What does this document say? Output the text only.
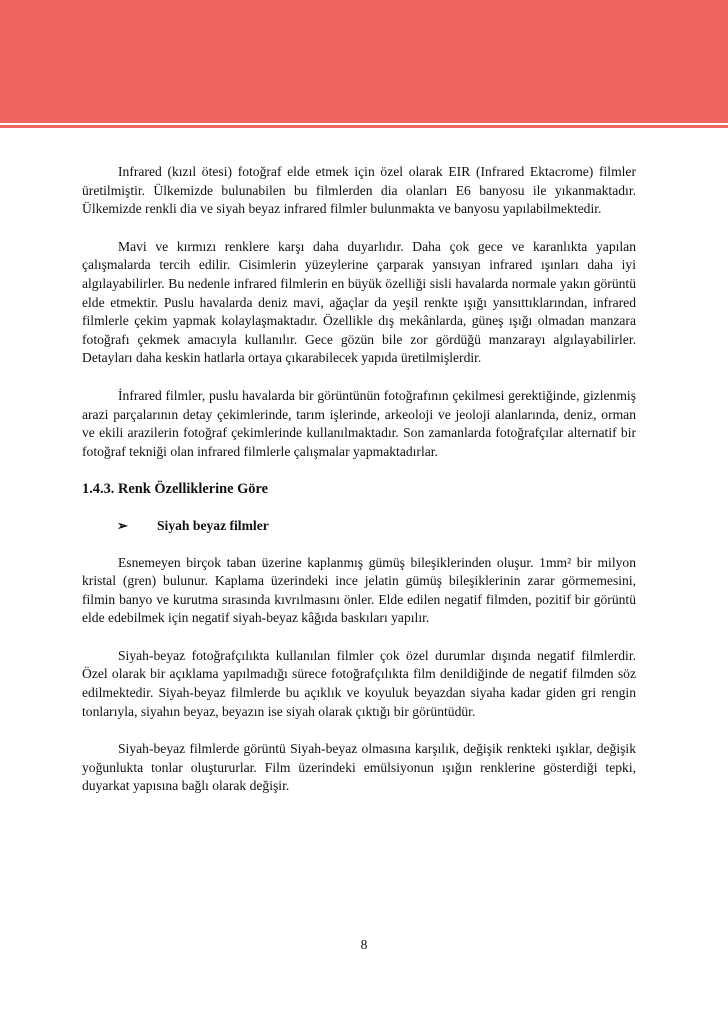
Infrared (kızıl ötesi) fotoğraf elde etmek için özel olarak EIR (Infrared Ektacrome) filmler üretilmiştir. Ülkemizde bulunabilen bu filmlerden dia olanları E6 banyosu ile yıkanmaktadır. Ülkemizde renkli dia ve siyah beyaz infrared filmler bulunmakta ve banyosu yapılabilmektedir.

Mavi ve kırmızı renklere karşı daha duyarlıdır. Daha çok gece ve karanlıkta yapılan çalışmalarda tercih edilir. Cisimlerin yüzeylerine çarparak yansıyan infrared ışınları daha iyi algılayabilirler. Bu nedenle infrared filmlerin en büyük özelliği sisli havalarda normale yakın görüntü elde etmektir. Puslu havalarda deniz mavi, ağaçlar da yeşil renkte ışığı yansıttıklarından, infrared filmlerle çekim yapmak kolaylaşmaktadır. Özellikle dış mekânlarda, güneş ışığı olmadan manzara fotoğrafı çekmek amacıyla kullanılır. Gece gözün bile zor gördüğü manzarayı algılayabilirler. Detayları daha keskin hatlarla ortaya çıkarabilecek yapıda üretilmişlerdir.

İnfrared filmler, puslu havalarda bir görüntünün fotoğrafının çekilmesi gerektiğinde, gizlenmiş arazi parçalarının detay çekimlerinde, tarım işlerinde, arkeoloji ve jeoloji alanlarında, deniz, orman ve ekili arazilerin fotoğraf çekimlerinde kullanılmaktadır. Son zamanlarda fotoğrafçılar alternatif bir fotoğraf tekniği olan infrared filmlerle çalışmalar yapmaktadırlar.

1.4.3. Renk Özelliklerine Göre
➢	Siyah beyaz filmler

Esnemeyen birçok taban üzerine kaplanmış gümüş bileşiklerinden oluşur. 1mm² bir milyon kristal (gren) bulunur. Kaplama üzerindeki ince jelatin gümüş bileşiklerinin zarar görmemesini, filmin banyo ve kurutma sırasında kıvrılmasını önler. Elde edilen negatif filmden, pozitif bir görüntü elde edebilmek için negatif siyah-beyaz kâğıda baskıları yapılır.

Siyah-beyaz fotoğrafçılıkta kullanılan filmler çok özel durumlar dışında negatif filmlerdir. Özel olarak bir açıklama yapılmadığı sürece fotoğrafçılıkta film denildiğinde de negatif filmden söz edilmektedir. Siyah-beyaz filmlerde bu açıklık ve koyuluk beyazdan siyaha kadar giden gri rengin tonlarıyla, siyahın beyaz, beyazın ise siyah olarak çıktığı bir görüntüdür.

Siyah-beyaz filmlerde görüntü Siyah-beyaz olmasına karşılık, değişik renkteki ışıklar, değişik yoğunlukta tonlar oluştururlar. Film üzerindeki emülsiyonun ışığın renklerine gösterdiği tepki, duyarkat yapısına bağlı olarak değişir.

8
